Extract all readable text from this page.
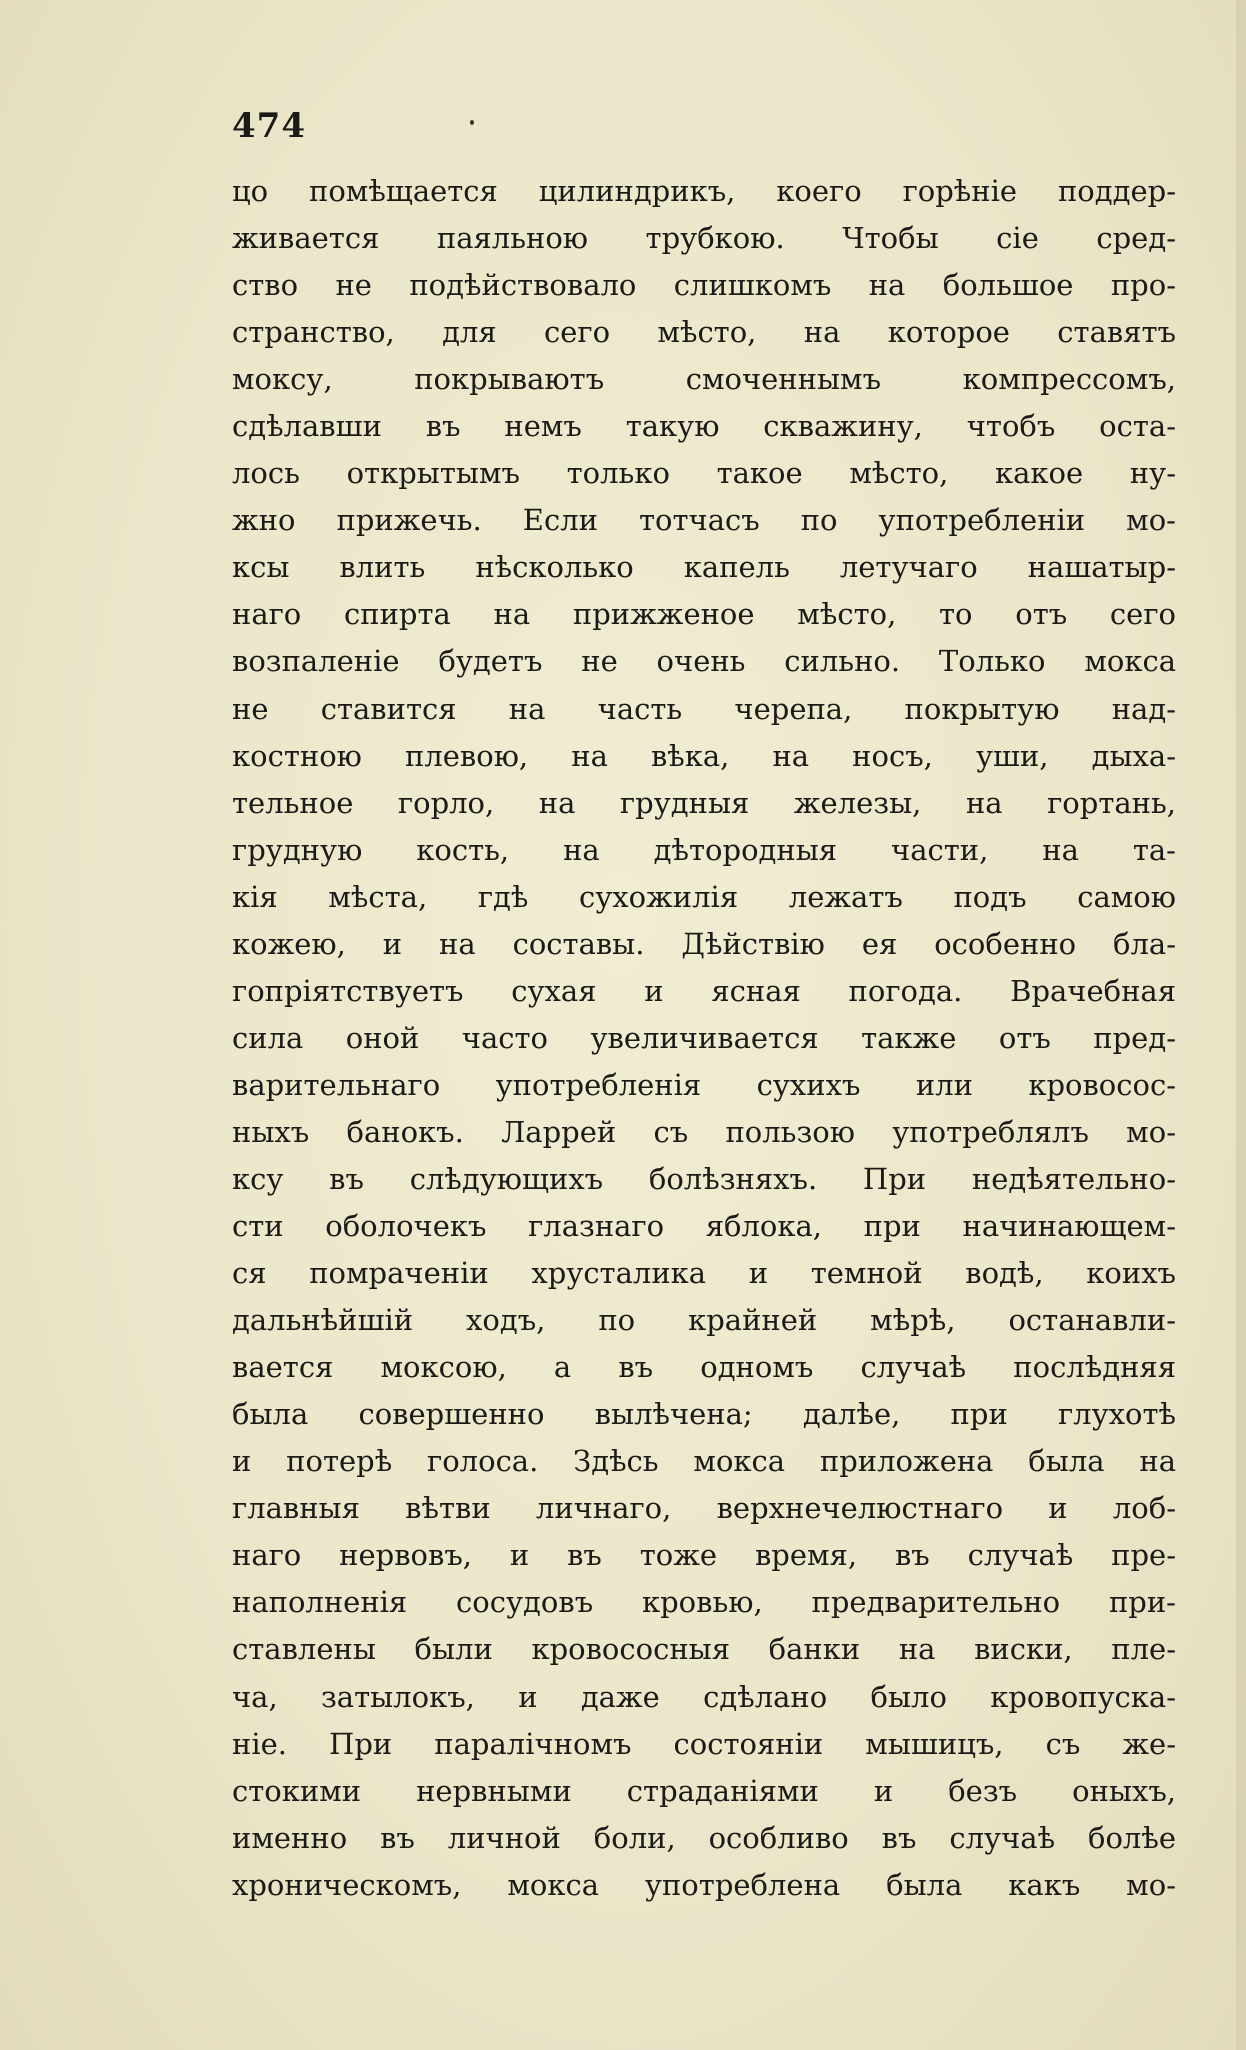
474
цо помѣщается цилиндрикъ, коего горѣніе поддер-
живается паяльною трубкою. Чтобы сіе сред-
ство не подѣйствовало слишкомъ на большое про-
странство, для сего мѣсто, на которое ставятъ
моксу, покрываютъ смоченнымъ компрессомъ,
сдѣлавши въ немъ такую скважину, чтобъ оста-
лось открытымъ только такое мѣсто, какое ну-
жно прижечь. Если тотчасъ по употребленіи мо-
ксы влить нѣсколько капель летучаго нашатыр-
наго спирта на прижженое мѣсто, то отъ сего
возпаленіе будетъ не очень сильно. Только мокса
не ставится на часть черепа, покрытую над-
костною плевою, на вѣка, на носъ, уши, дыха-
тельное горло, на грудныя железы, на гортань,
грудную кость, на дѣтородныя части, на та-
кія мѣста, гдѣ сухожилія лежатъ подъ самою
кожею, и на составы. Дѣйствію ея особенно бла-
гопріятствуетъ сухая и ясная погода. Врачебная
сила оной часто увеличивается также отъ пред-
варительнаго употребленія сухихъ или кровосос-
ныхъ банокъ. Ларрей съ пользою употреблялъ мо-
ксу въ слѣдующихъ болѣзняхъ. При недѣятельно-
сти оболочекъ глазнаго яблока, при начинающем-
ся помраченіи хрусталика и темной водѣ, коихъ
дальнѣйшій ходъ, по крайней мѣрѣ, останавли-
вается моксою, а въ одномъ случаѣ послѣдняя
была совершенно вылѣчена; далѣе, при глухотѣ
и потерѣ голоса. Здѣсь мокса приложена была на
главныя вѣтви личнаго, верхнечелюстнаго и лоб-
наго нервовъ, и въ тоже время, въ случаѣ пре-
наполненія сосудовъ кровью, предварительно при-
ставлены были кровососныя банки на виски, пле-
ча, затылокъ, и даже сдѣлано было кровопуска-
ніе. При паралічномъ состояніи мышицъ, съ же-
стокими нервными страданіями и безъ оныхъ,
именно въ личной боли, особливо въ случаѣ болѣе
хроническомъ, мокса употреблена была какъ мо-
